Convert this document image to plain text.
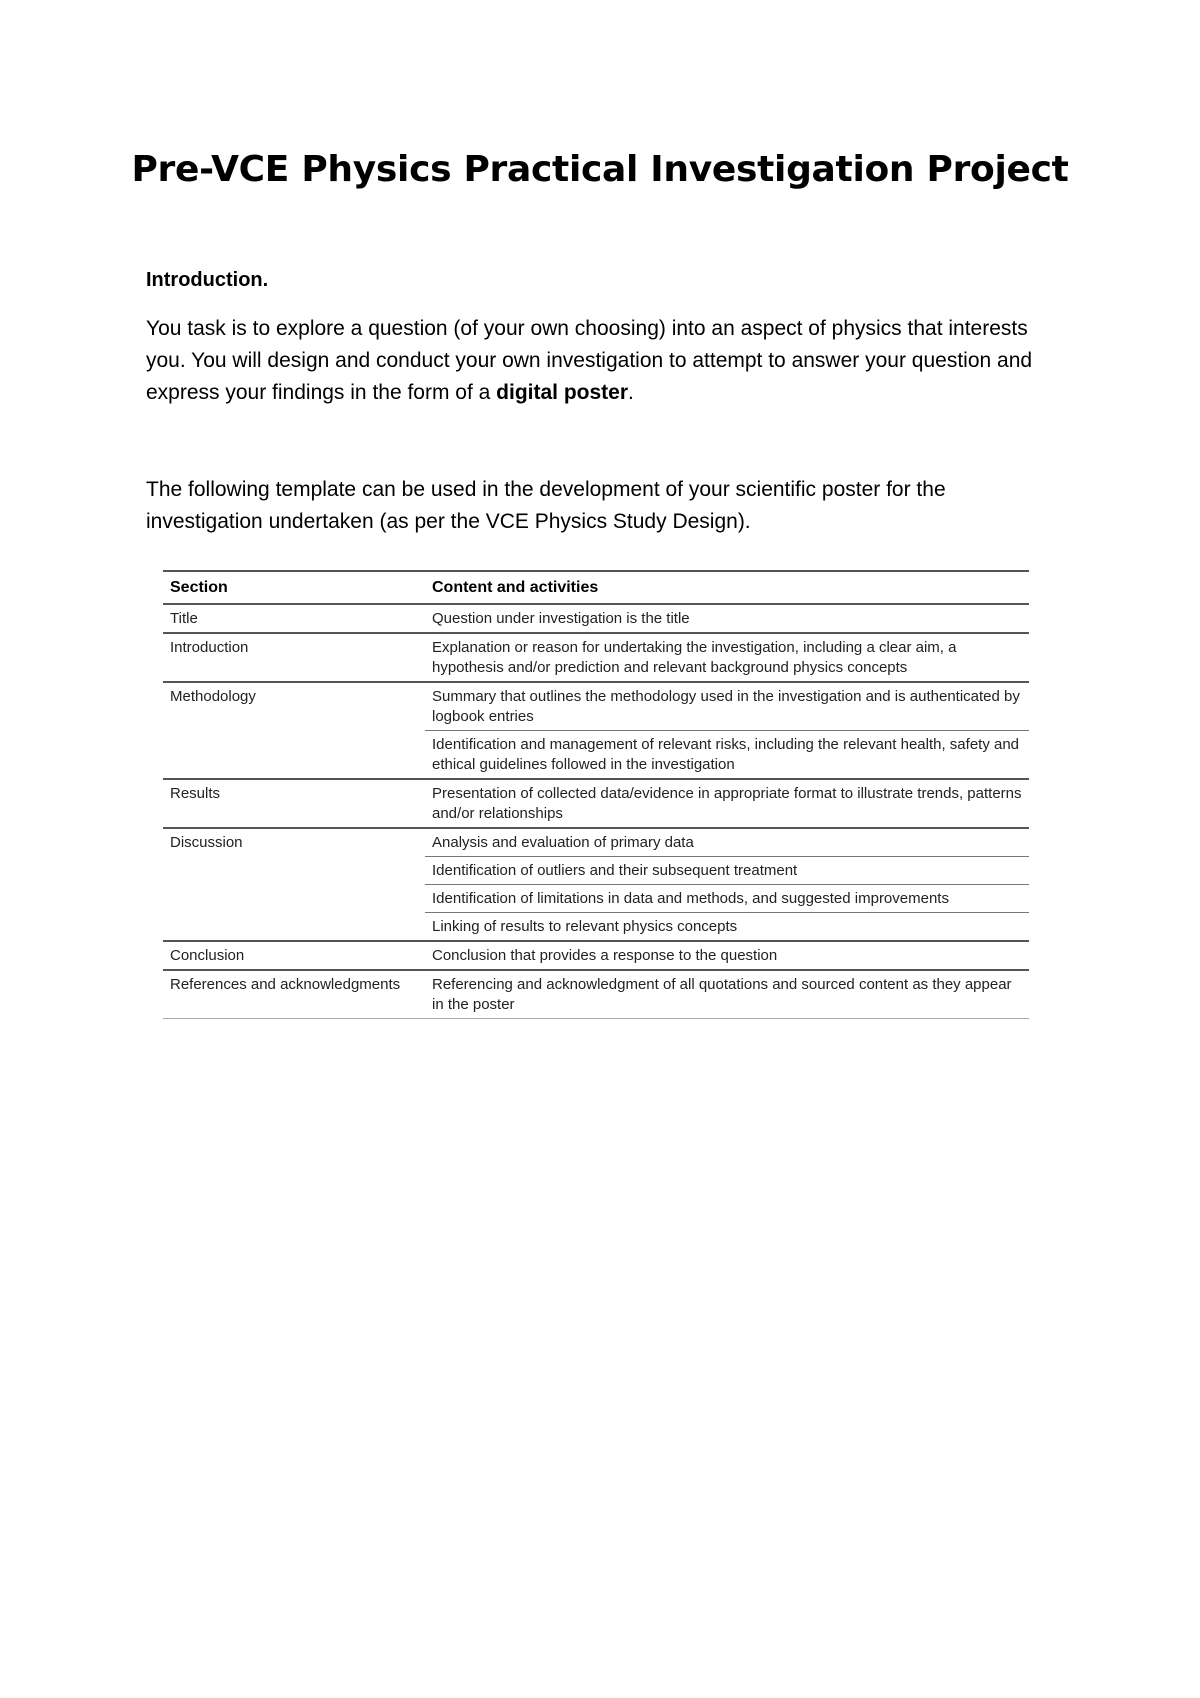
Pre-VCE Physics Practical Investigation Project

Introduction.

You task is to explore a question (of your own choosing) into an aspect of physics that interests you. You will design and conduct your own investigation to attempt to answer your question and express your findings in the form of a digital poster.

The following template can be used in the development of your scientific poster for the investigation undertaken (as per the VCE Physics Study Design).

Section	Content and activities
Title	Question under investigation is the title
Introduction	Explanation or reason for undertaking the investigation, including a clear aim, a hypothesis and/or prediction and relevant background physics concepts
Methodology	Summary that outlines the methodology used in the investigation and is authenticated by logbook entries
	Identification and management of relevant risks, including the relevant health, safety and ethical guidelines followed in the investigation
Results	Presentation of collected data/evidence in appropriate format to illustrate trends, patterns and/or relationships
Discussion	Analysis and evaluation of primary data
	Identification of outliers and their subsequent treatment
	Identification of limitations in data and methods, and suggested improvements
	Linking of results to relevant physics concepts
Conclusion	Conclusion that provides a response to the question
References and acknowledgments	Referencing and acknowledgment of all quotations and sourced content as they appear in the poster
